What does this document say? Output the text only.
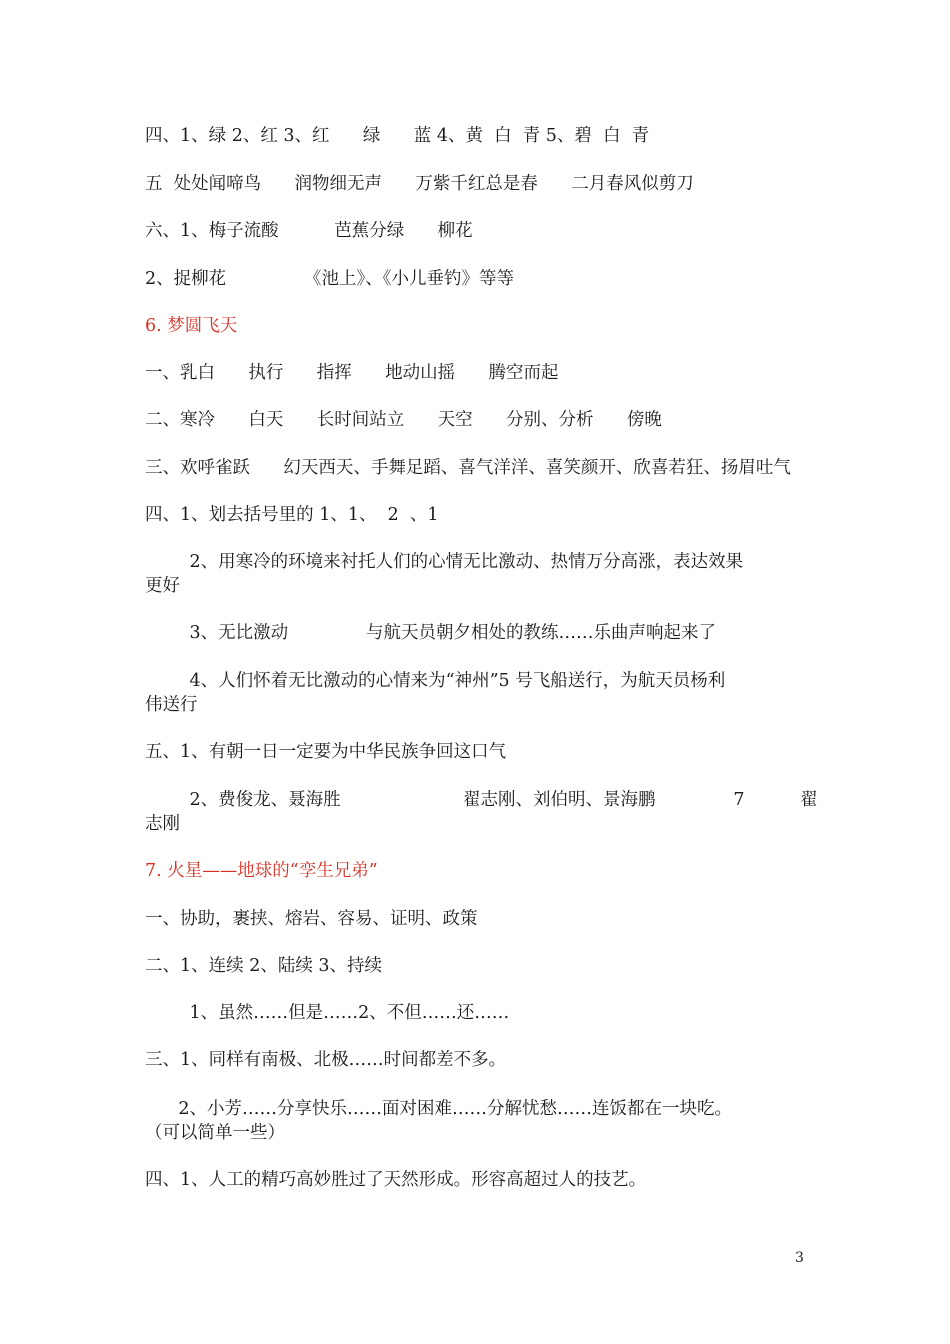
四、1、绿 2、红 3、红      绿      蓝 4、黄  白  青 5、碧  白  青
五  处处闻啼鸟      润物细无声      万紫千红总是春      二月春风似剪刀
六、1、梅子流酸          芭蕉分绿      柳花
2、捉柳花              《池上》、《小儿垂钓》等等
6. 梦圆飞天
一、乳白      执行      指挥      地动山摇      腾空而起
二、寒冷      白天      长时间站立      天空      分别、分析      傍晚
三、欢呼雀跃      幻天西天、手舞足蹈、喜气洋洋、喜笑颜开、欣喜若狂、扬眉吐气
四、1、划去括号里的 1、1、  2  、1
2、用寒冷的环境来衬托人们的心情无比激动、热情万分高涨，表达效果
更好
3、无比激动              与航天员朝夕相处的教练……乐曲声响起来了
4、人们怀着无比激动的心情来为“神州”5 号飞船送行，为航天员杨利
伟送行
五、1、有朝一日一定要为中华民族争回这口气
2、费俊龙、聂海胜                      翟志刚、刘伯明、景海鹏              7          翟
志刚
7. 火星——地球的“孪生兄弟”
一、协助，裹挟、熔岩、容易、证明、政策
二、1、连续 2、陆续 3、持续
1、虽然……但是……2、不但……还……
三、1、同样有南极、北极……时间都差不多。
2、小芳……分享快乐……面对困难……分解忧愁……连饭都在一块吃。
（可以简单一些）
四、1、人工的精巧高妙胜过了天然形成。形容高超过人的技艺。
3
